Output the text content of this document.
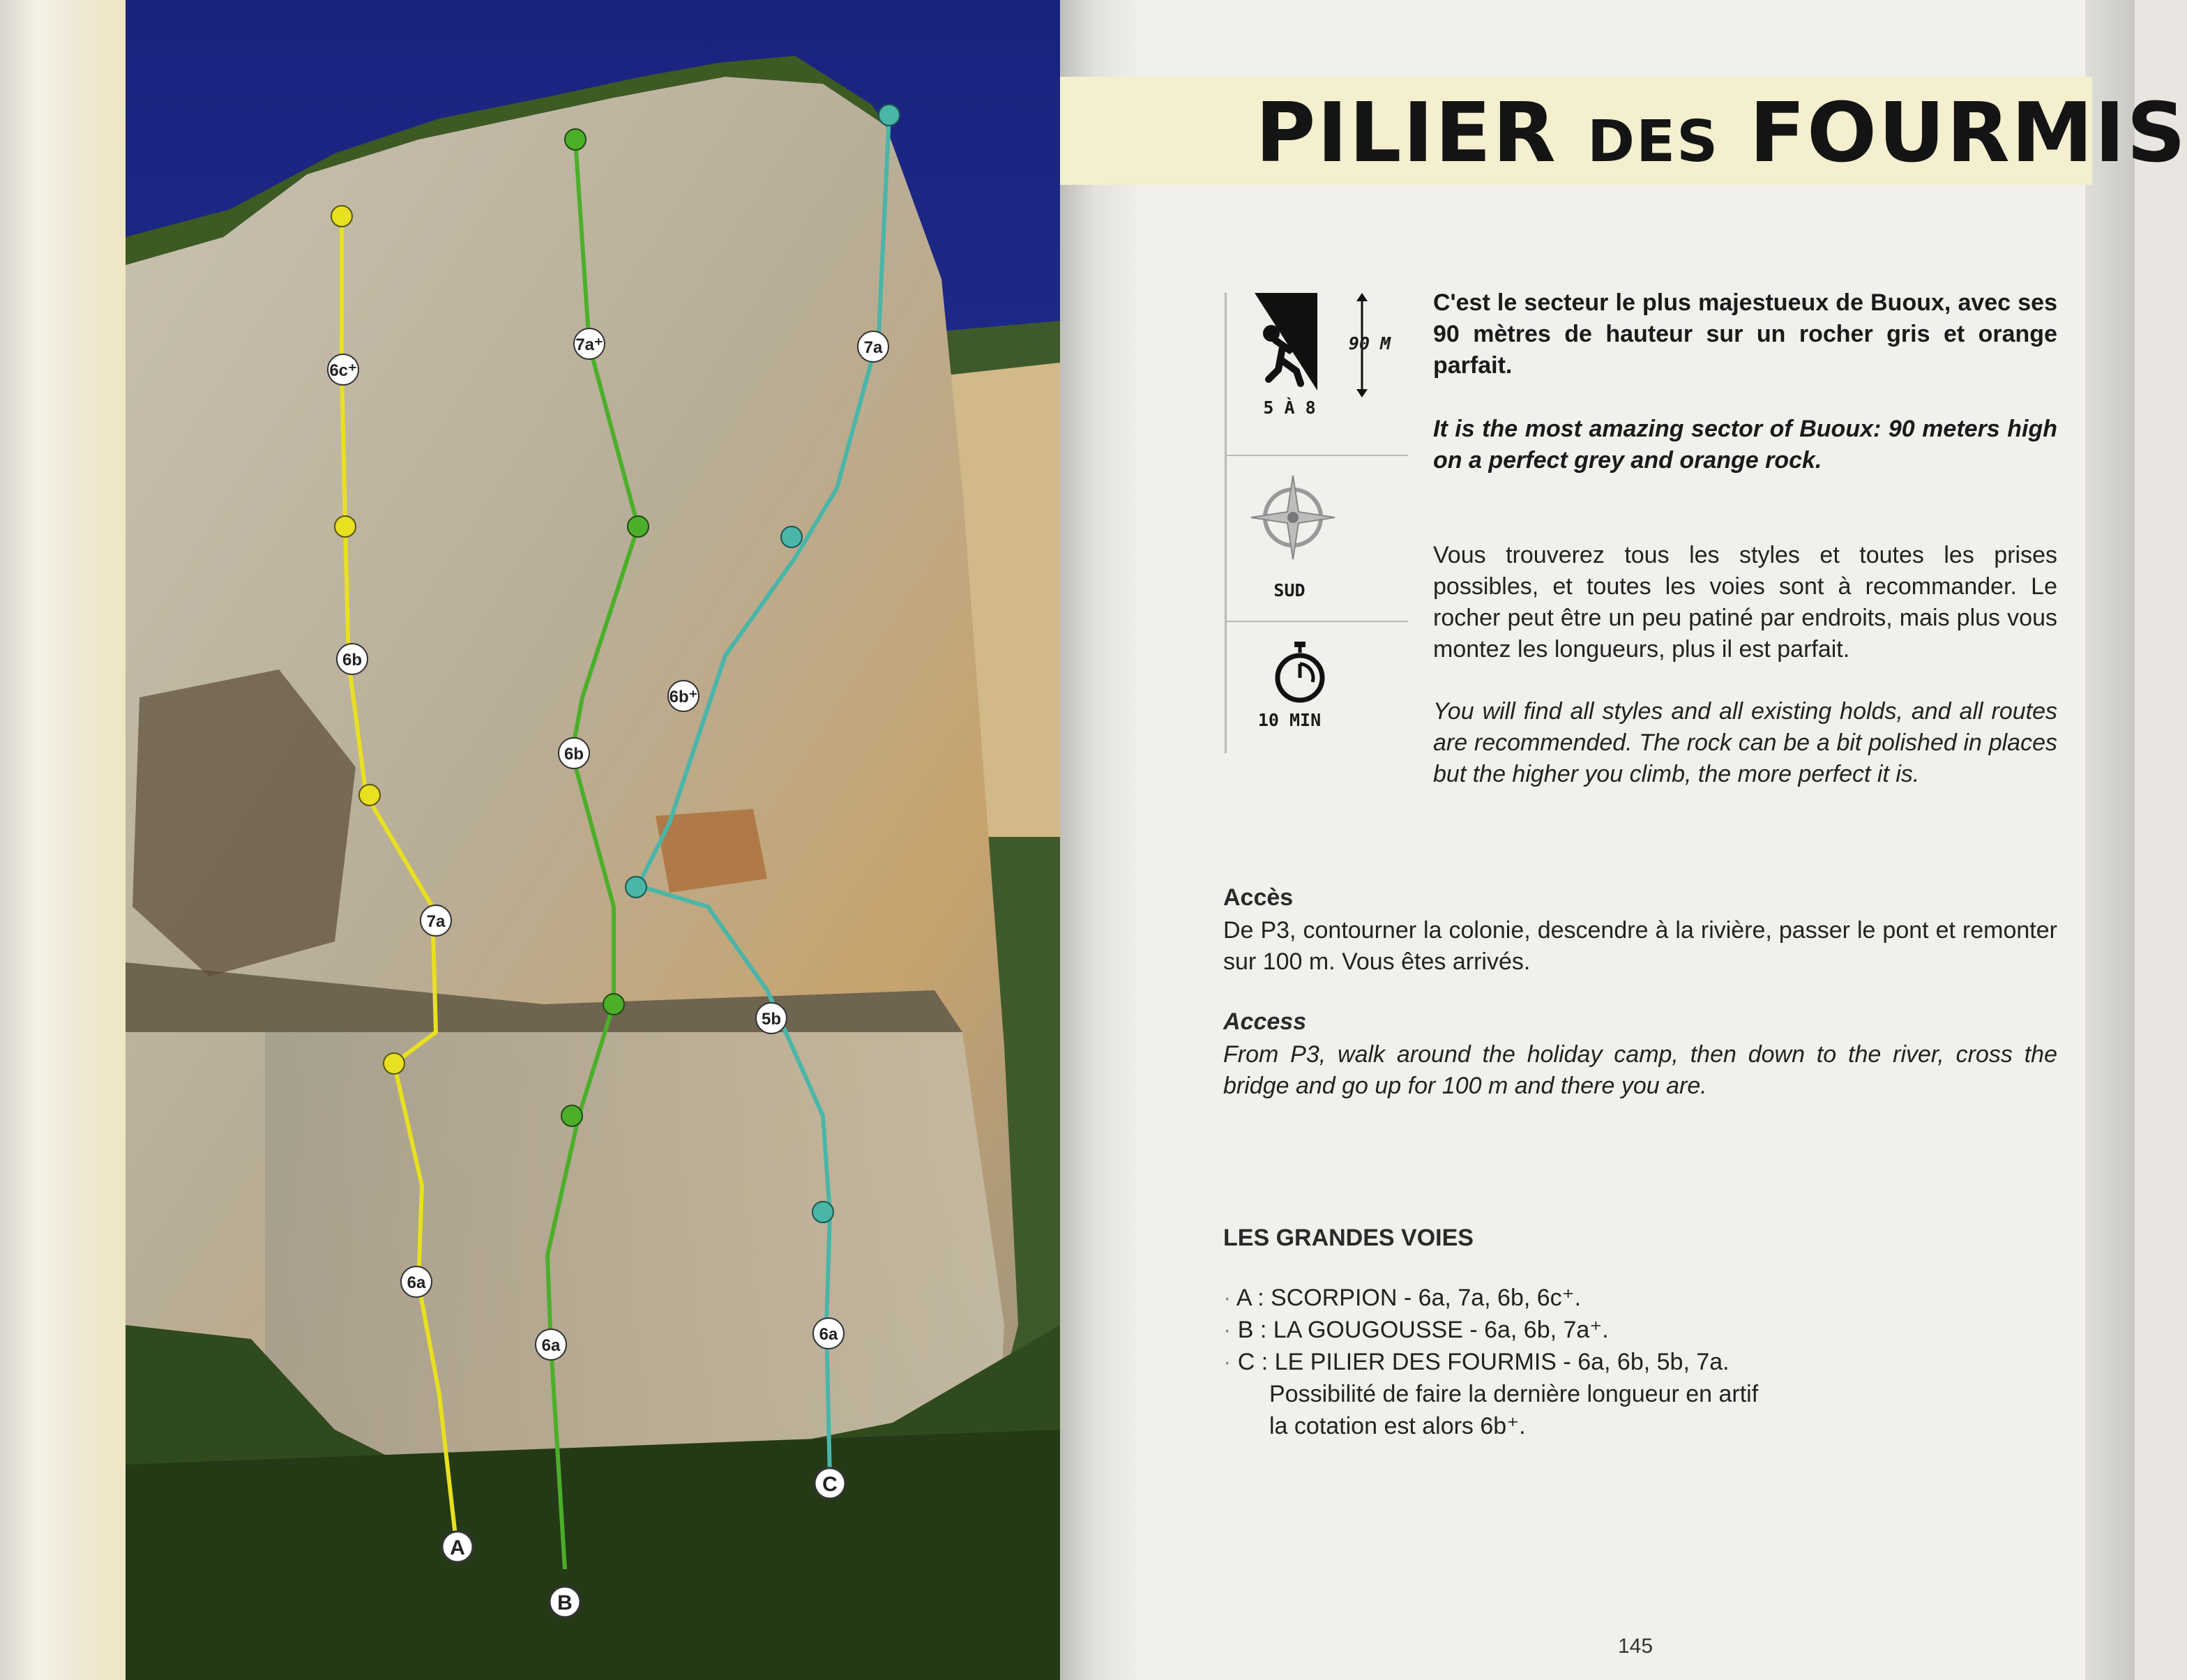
6c⁺
6b
7a
6a
7a⁺
6b
6a
7a
6b⁺
5b
6a
A
B
C
PILIER DES FOURMIS
90 M
5 À 8
SUD
10 MIN
C'est le secteur le plus majestueux de Buoux, avec ses 90 mètres de hauteur sur un rocher gris et orange parfait.
It is the most amazing sector of Buoux: 90 meters high on a perfect grey and orange rock.
Vous trouverez tous les styles et toutes les prises possibles, et toutes les voies sont à recommander. Le rocher peut être un peu patiné par endroits, mais plus vous montez les longueurs, plus il est parfait.
You will find all styles and all existing holds, and all routes are recommended. The rock can be a bit polished in places but the higher you climb, the more perfect it is.
Accès
De P3, contourner la colonie, descendre à la rivière, passer le pont et remonter sur 100 m. Vous êtes arrivés.
Access
From P3, walk around the holiday camp, then down to the river, cross the bridge and go up for 100 m and there you are.
LES GRANDES VOIES
· A : SCORPION - 6a, 7a, 6b, 6c⁺.
· B : LA GOUGOUSSE - 6a, 6b, 7a⁺.
· C : LE PILIER DES FOURMIS - 6a, 6b, 5b, 7a.
Possibilité de faire la dernière longueur en artif
la cotation est alors 6b⁺.
145
